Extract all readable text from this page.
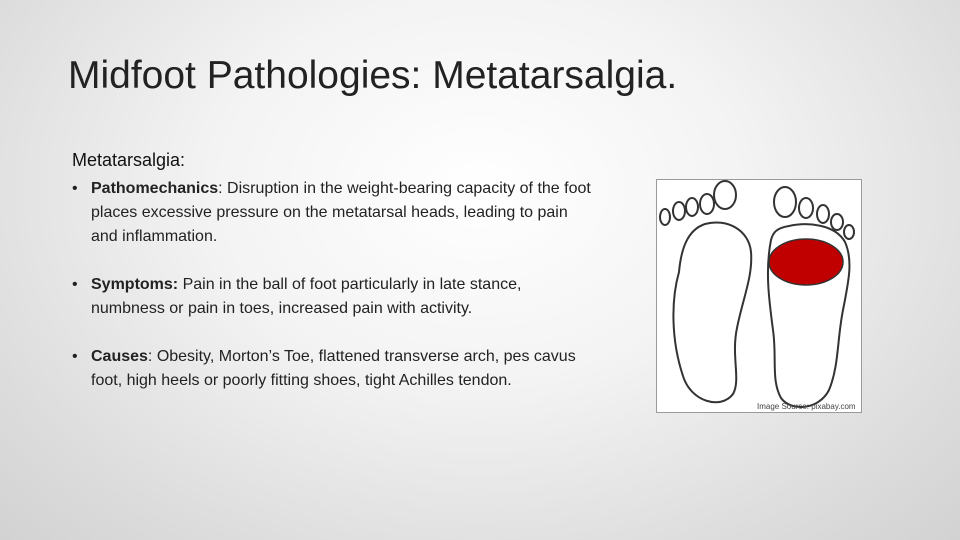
Midfoot Pathologies: Metatarsalgia.
Metatarsalgia:
• Pathomechanics: Disruption in the weight-bearing capacity of the foot places excessive pressure on the metatarsal heads, leading to pain and inflammation.
• Symptoms: Pain in the ball of foot particularly in late stance, numbness or pain in toes, increased pain with activity.
• Causes: Obesity, Morton’s Toe, flattened transverse arch, pes cavus foot, high heels or poorly fitting shoes, tight Achilles tendon.
Image Source: pixabay.com
